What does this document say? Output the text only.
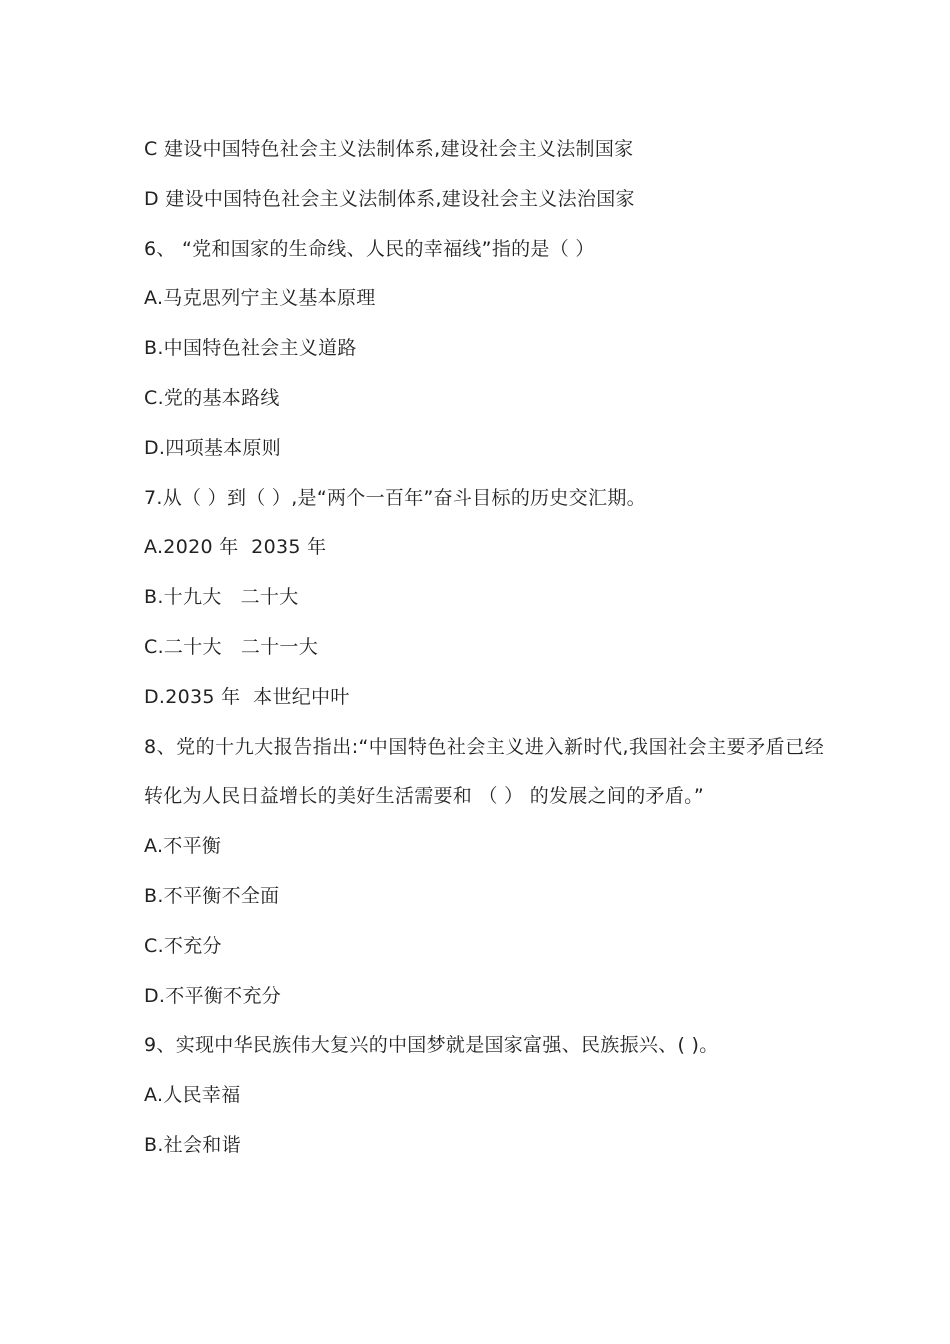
C 建设中国特色社会主义法制体系,建设社会主义法制国家
D 建设中国特色社会主义法制体系,建设社会主义法治国家
6、 “党和国家的生命线、人民的幸福线”指的是（ ）
A.马克思列宁主义基本原理
B.中国特色社会主义道路
C.党的基本路线
D.四项基本原则
7.从（ ）到（ ）,是“两个一百年”奋斗目标的历史交汇期。
A.2020 年  2035 年
B.十九大   二十大
C.二十大   二十一大
D.2035 年  本世纪中叶
8、党的十九大报告指出:“中国特色社会主义进入新时代,我国社会主要矛盾已经转化为人民日益增长的美好生活需要和 （ ） 的发展之间的矛盾。”
A.不平衡
B.不平衡不全面
C.不充分
D.不平衡不充分
9、实现中华民族伟大复兴的中国梦就是国家富强、民族振兴、( )。
A.人民幸福
B.社会和谐
